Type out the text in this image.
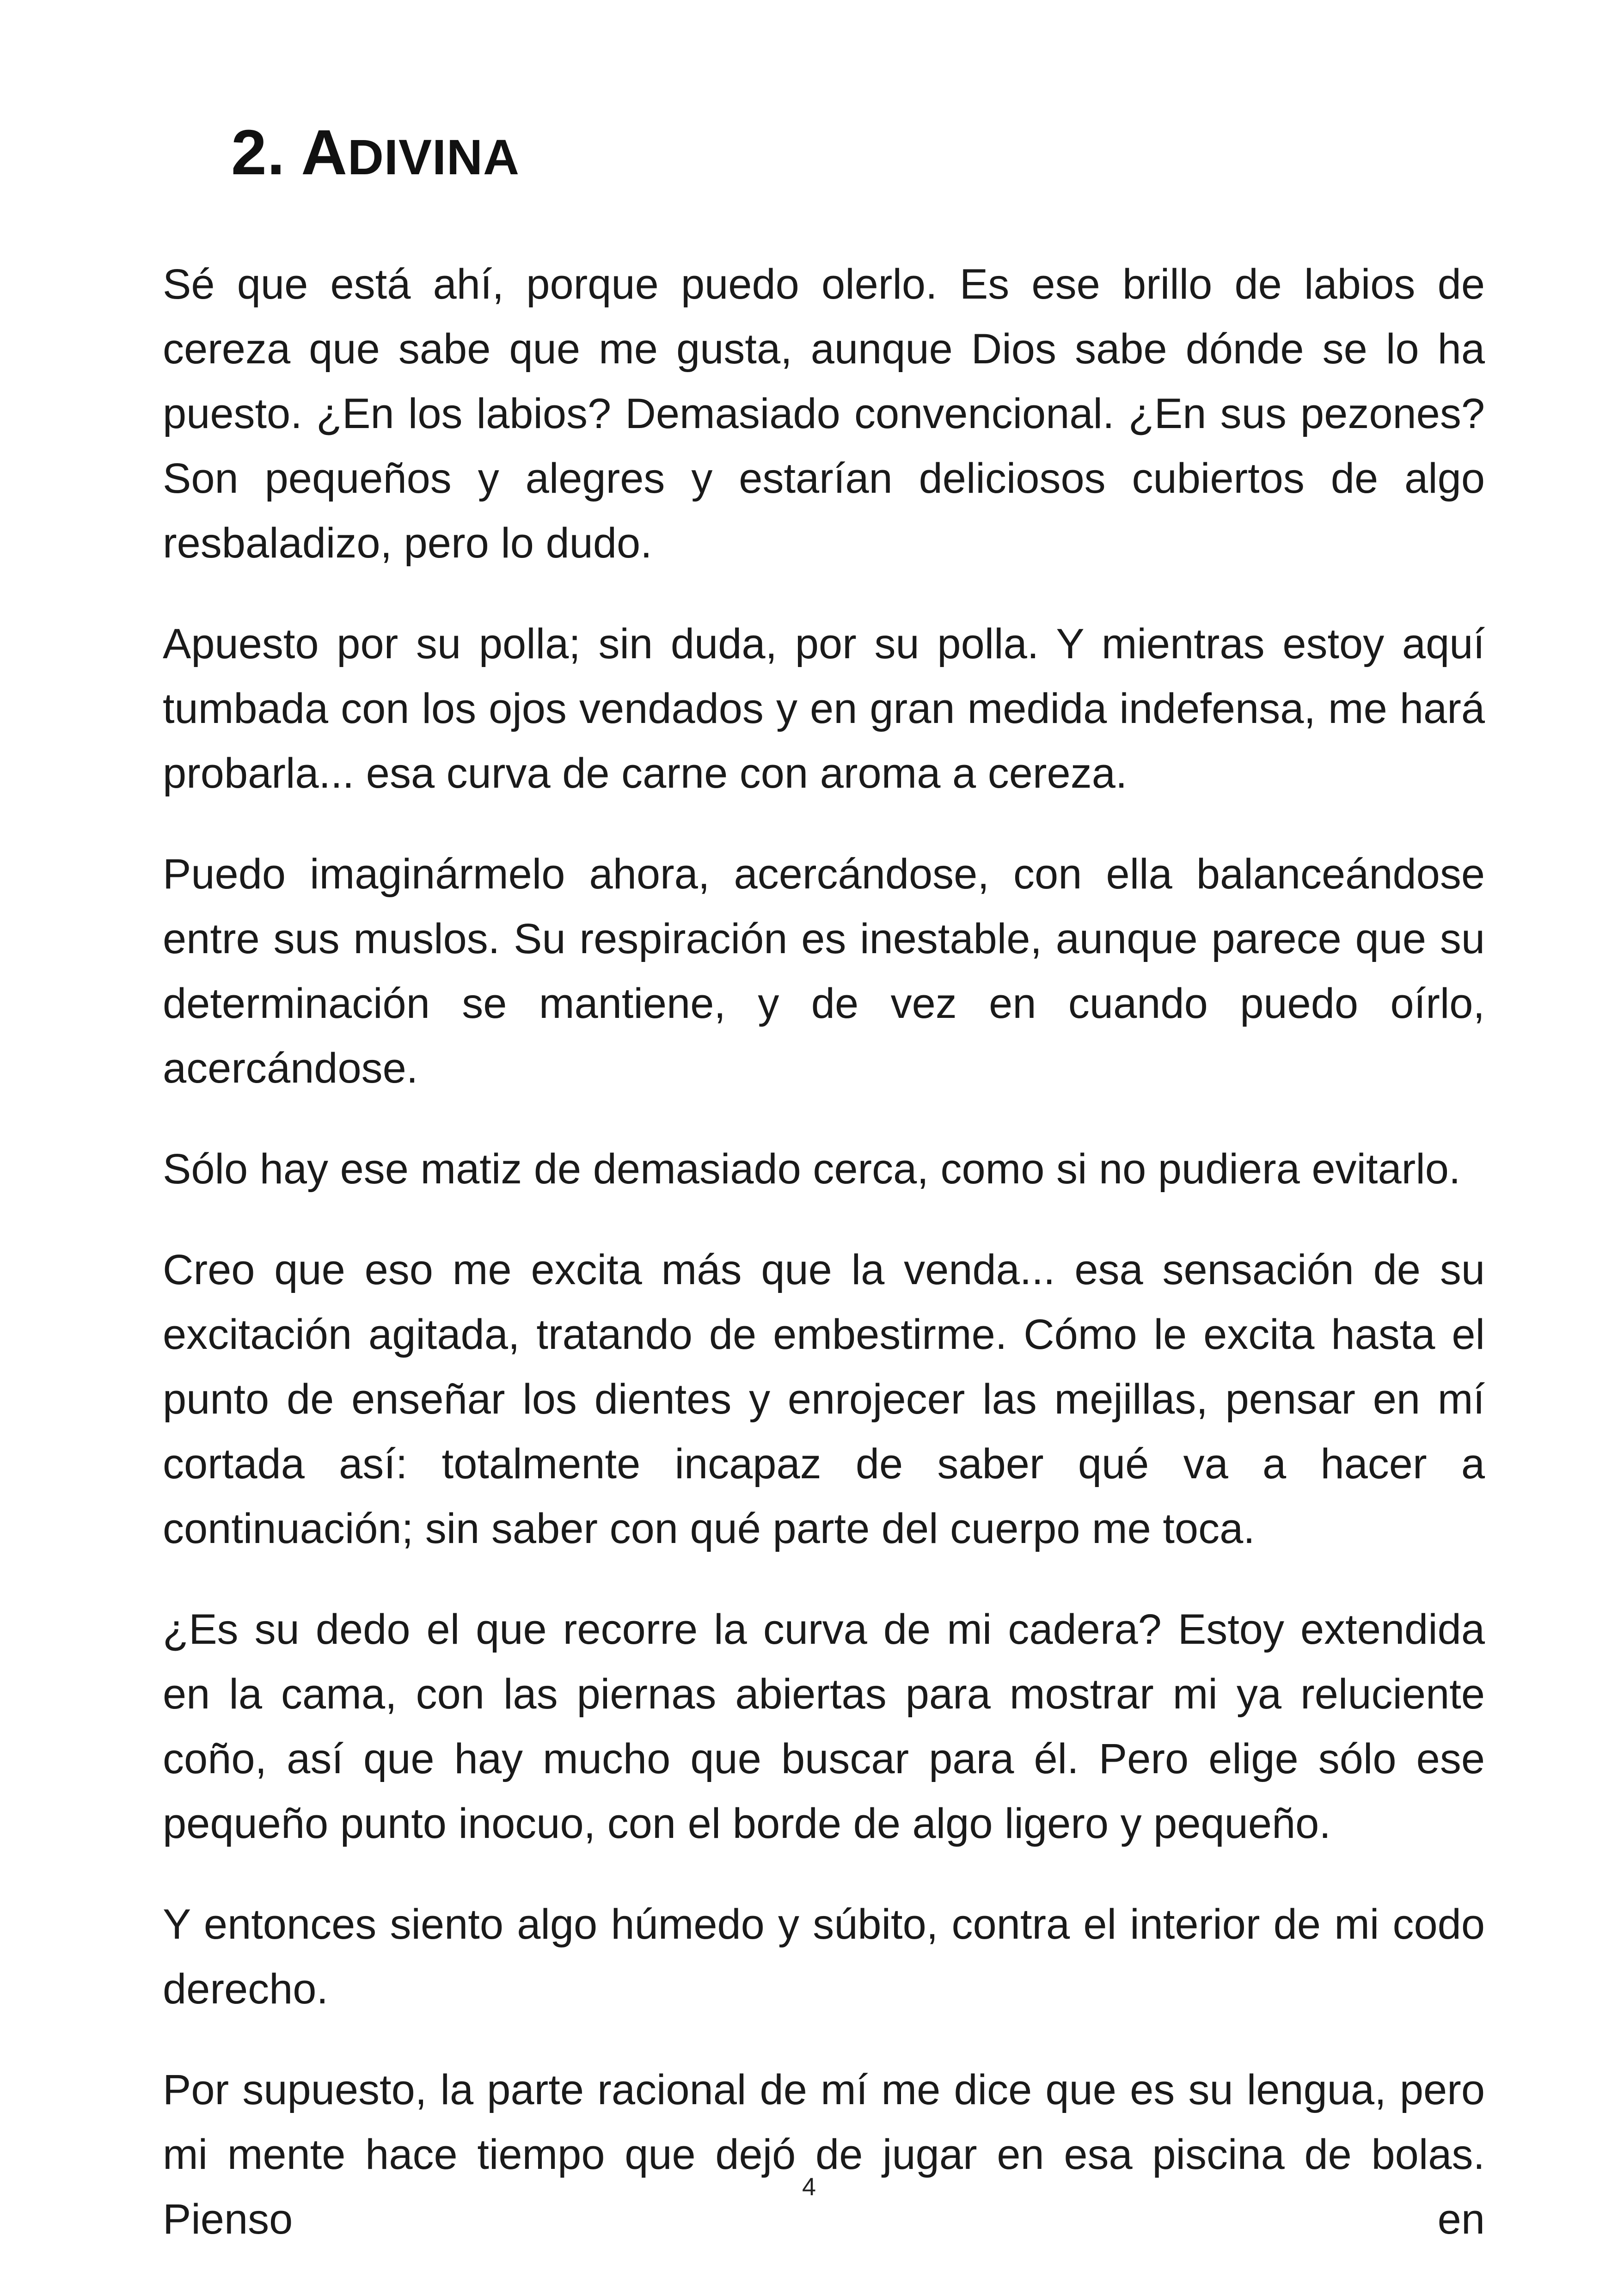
2. ADIVINA

Sé que está ahí, porque puedo olerlo. Es ese brillo de labios de cereza que sabe que me gusta, aunque Dios sabe dónde se lo ha puesto. ¿En los labios? Demasiado convencional. ¿En sus pezones? Son pequeños y alegres y estarían deliciosos cubiertos de algo resbaladizo, pero lo dudo.

Apuesto por su polla; sin duda, por su polla. Y mientras estoy aquí tumbada con los ojos vendados y en gran medida indefensa, me hará probarla... esa curva de carne con aroma a cereza.

Puedo imaginármelo ahora, acercándose, con ella balanceándose entre sus muslos. Su respiración es inestable, aunque parece que su determinación se mantiene, y de vez en cuando puedo oírlo, acercándose.

Sólo hay ese matiz de demasiado cerca, como si no pudiera evitarlo.

Creo que eso me excita más que la venda... esa sensación de su excitación agitada, tratando de embestirme. Cómo le excita hasta el punto de enseñar los dientes y enrojecer las mejillas, pensar en mí cortada así: totalmente incapaz de saber qué va a hacer a continuación; sin saber con qué parte del cuerpo me toca.

¿Es su dedo el que recorre la curva de mi cadera? Estoy extendida en la cama, con las piernas abiertas para mostrar mi ya reluciente coño, así que hay mucho que buscar para él. Pero elige sólo ese pequeño punto inocuo, con el borde de algo ligero y pequeño.

Y entonces siento algo húmedo y súbito, contra el interior de mi codo derecho.

Por supuesto, la parte racional de mí me dice que es su lengua, pero mi mente hace tiempo que dejó de jugar en esa piscina de bolas. Pienso en

4
